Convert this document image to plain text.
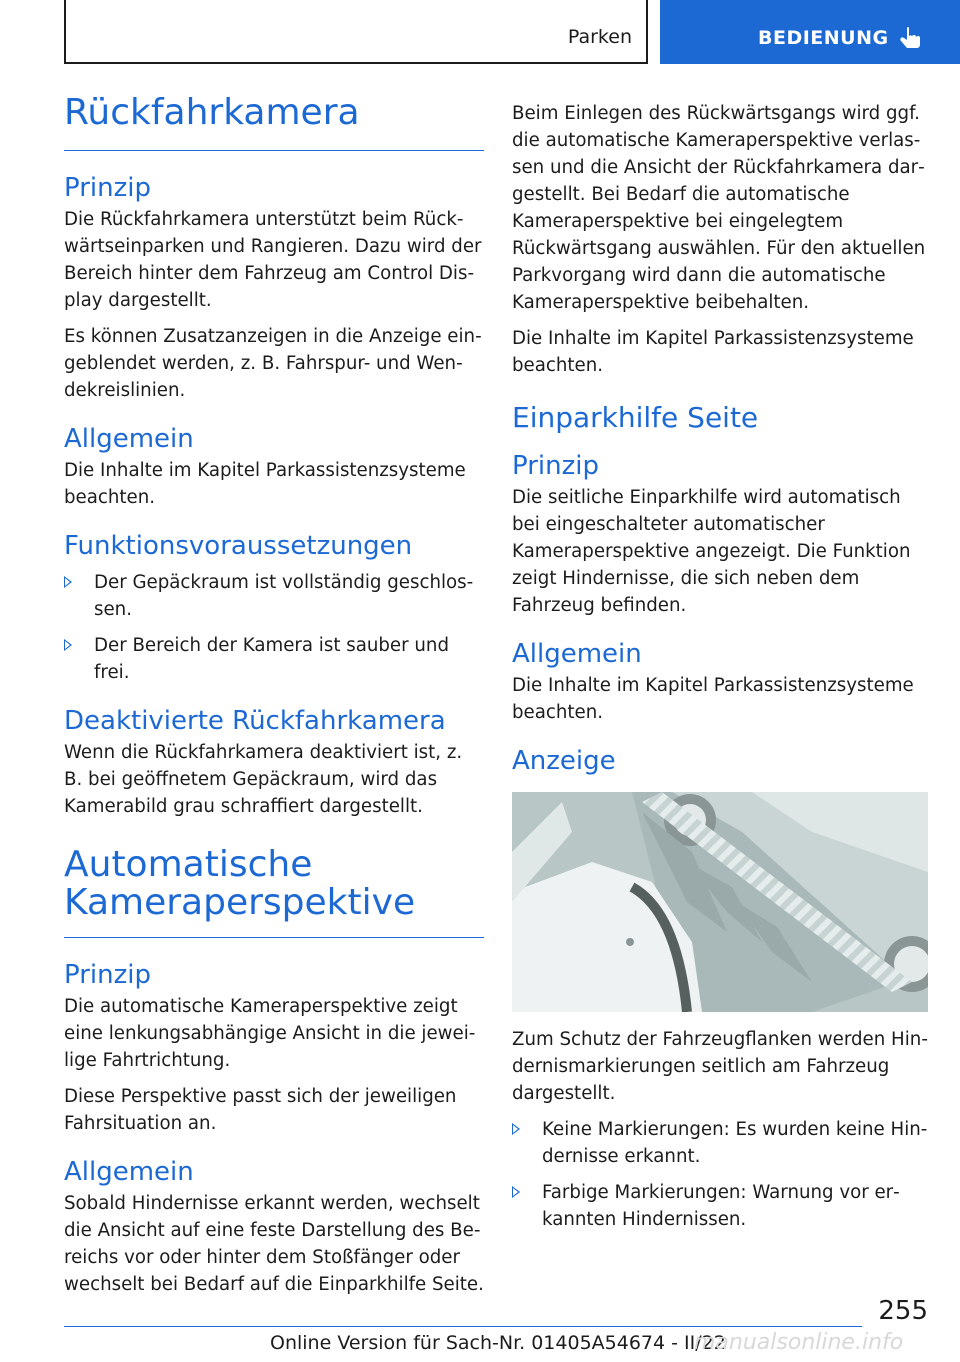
Parken	BEDIENUNG
Rückfahrkamera
Prinzip

Die Rückfahrkamera unterstützt beim Rückwärtseinparken und Rangieren. Dazu wird der Bereich hinter dem Fahrzeug am Control Display dargestellt.

Es können Zusatzanzeigen in die Anzeige eingeblendet werden, z. B. Fahrspur- und Wendekreislinien.

Allgemein

Die Inhalte im Kapitel Parkassistenzsysteme beachten.

Funktionsvoraussetzungen
Der Gepäckraum ist vollständig geschlossen.
Der Bereich der Kamera ist sauber und frei.
Deaktivierte Rückfahrkamera

Wenn die Rückfahrkamera deaktiviert ist, z. B. bei geöffnetem Gepäckraum, wird das Kamerabild grau schraffiert dargestellt.

Automatische Kameraperspektive
Prinzip

Die automatische Kameraperspektive zeigt eine lenkungsabhängige Ansicht in die jeweilige Fahrtrichtung.

Diese Perspektive passt sich der jeweiligen Fahrsituation an.

Allgemein

Sobald Hindernisse erkannt werden, wechselt die Ansicht auf eine feste Darstellung des Bereichs vor oder hinter dem Stoßfänger oder wechselt bei Bedarf auf die Einparkhilfe Seite.

Beim Einlegen des Rückwärtsgangs wird ggf. die automatische Kameraperspektive verlassen und die Ansicht der Rückfahrkamera dargestellt. Bei Bedarf die automatische Kameraperspektive bei eingelegtem Rückwärtsgang auswählen. Für den aktuellen Parkvorgang wird dann die automatische Kameraperspektive beibehalten.

Die Inhalte im Kapitel Parkassistenzsysteme beachten.

Einparkhilfe Seite
Prinzip

Die seitliche Einparkhilfe wird automatisch bei eingeschalteter automatischer Kameraperspektive angezeigt. Die Funktion zeigt Hindernisse, die sich neben dem Fahrzeug befinden.

Allgemein

Die Inhalte im Kapitel Parkassistenzsysteme beachten.

Anzeige

Zum Schutz der Fahrzeugflanken werden Hindernismarkierungen seitlich am Fahrzeug dargestellt.

Keine Markierungen: Es wurden keine Hindernisse erkannt.
Farbige Markierungen: Warnung vor erkannten Hindernissen.
255
Online Version für Sach-Nr. 01405A54674 - II/22
manualsonline.info
